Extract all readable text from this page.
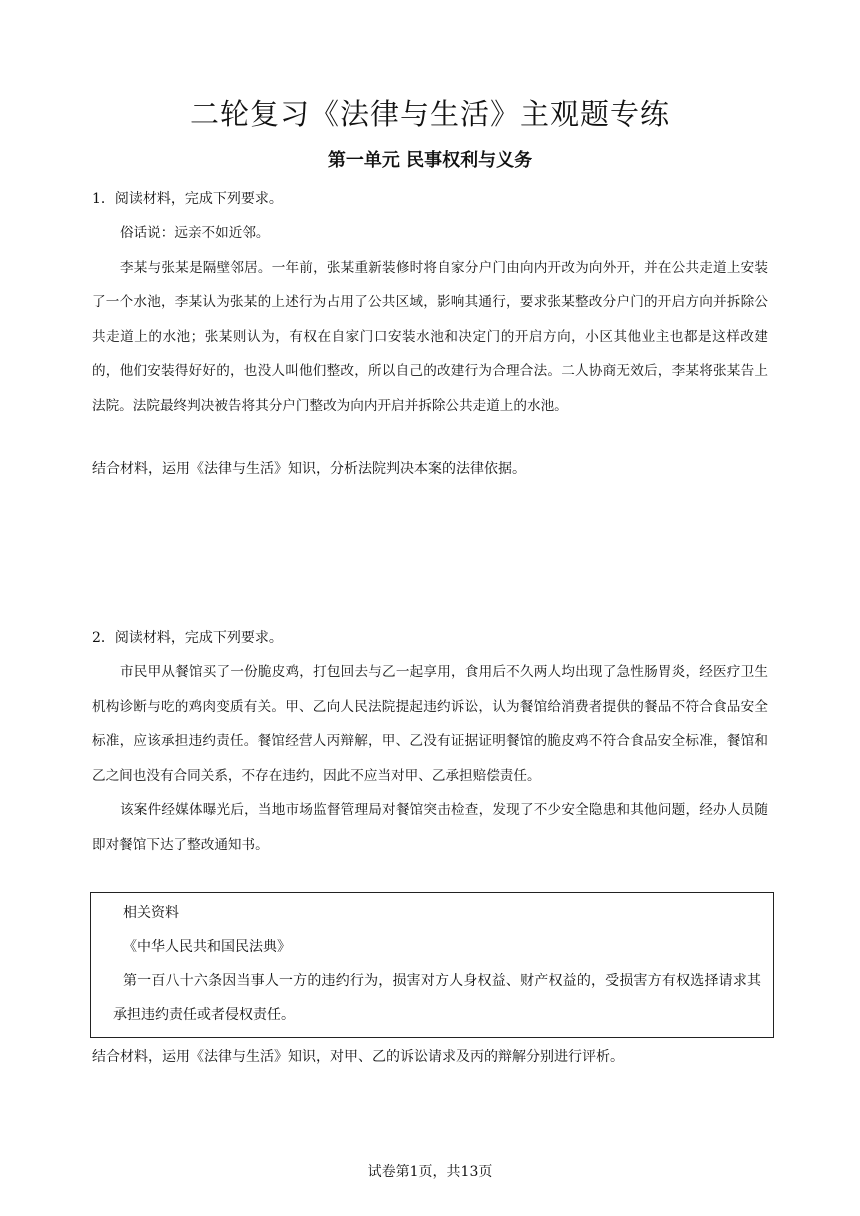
二轮复习《法律与生活》主观题专练
第一单元 民事权利与义务

1．阅读材料，完成下列要求。

俗话说：远亲不如近邻。

李某与张某是隔壁邻居。一年前，张某重新装修时将自家分户门由向内开改为向外开，并在公共走道上安装了一个水池，李某认为张某的上述行为占用了公共区域，影响其通行，要求张某整改分户门的开启方向并拆除公共走道上的水池；张某则认为，有权在自家门口安装水池和决定门的开启方向，小区其他业主也都是这样改建的，他们安装得好好的，也没人叫他们整改，所以自己的改建行为合理合法。二人协商无效后，李某将张某告上法院。法院最终判决被告将其分户门整改为向内开启并拆除公共走道上的水池。

结合材料，运用《法律与生活》知识，分析法院判决本案的法律依据。

2．阅读材料，完成下列要求。

市民甲从餐馆买了一份脆皮鸡，打包回去与乙一起享用，食用后不久两人均出现了急性肠胃炎，经医疗卫生机构诊断与吃的鸡肉变质有关。甲、乙向人民法院提起违约诉讼，认为餐馆给消费者提供的餐品不符合食品安全标准，应该承担违约责任。餐馆经营人丙辩解，甲、乙没有证据证明餐馆的脆皮鸡不符合食品安全标准，餐馆和乙之间也没有合同关系，不存在违约，因此不应当对甲、乙承担赔偿责任。

该案件经媒体曝光后，当地市场监督管理局对餐馆突击检查，发现了不少安全隐患和其他问题，经办人员随即对餐馆下达了整改通知书。

相关资料

《中华人民共和国民法典》

第一百八十六条因当事人一方的违约行为，损害对方人身权益、财产权益的，受损害方有权选择请求其承担违约责任或者侵权责任。

结合材料，运用《法律与生活》知识，对甲、乙的诉讼请求及丙的辩解分别进行评析。

试卷第1页，共13页
